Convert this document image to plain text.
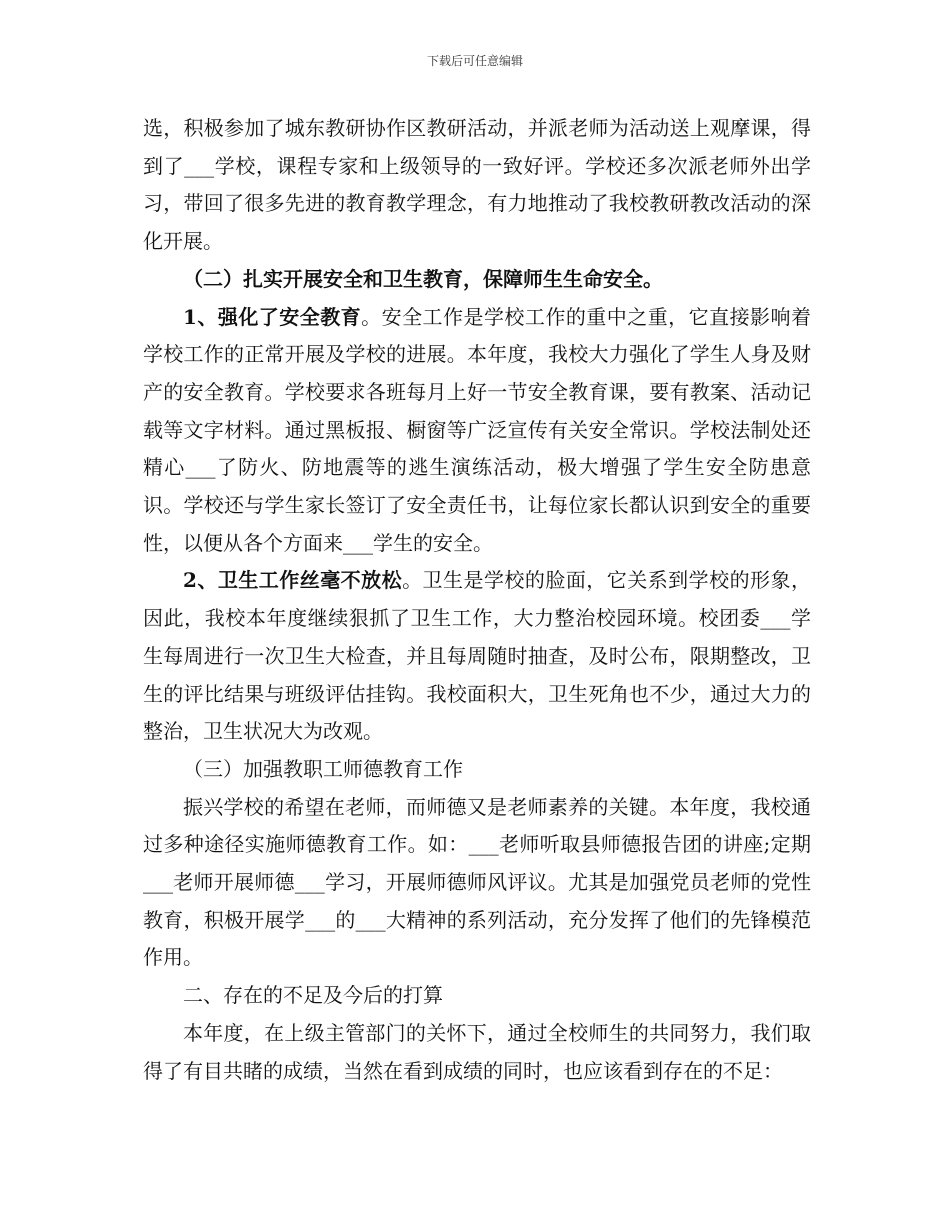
下载后可任意编辑

选，积极参加了城东教研协作区教研活动，并派老师为活动送上观摩课，得到了___学校，课程专家和上级领导的一致好评。学校还多次派老师外出学习，带回了很多先进的教育教学理念，有力地推动了我校教研教改活动的深化开展。

（二）扎实开展安全和卫生教育，保障师生生命安全。

1、强化了安全教育。安全工作是学校工作的重中之重，它直接影响着学校工作的正常开展及学校的进展。本年度，我校大力强化了学生人身及财产的安全教育。学校要求各班每月上好一节安全教育课，要有教案、活动记载等文字材料。通过黑板报、橱窗等广泛宣传有关安全常识。学校法制处还精心___了防火、防地震等的逃生演练活动，极大增强了学生安全防患意识。学校还与学生家长签订了安全责任书，让每位家长都认识到安全的重要性，以便从各个方面来___学生的安全。

2、卫生工作丝毫不放松。卫生是学校的脸面，它关系到学校的形象，因此，我校本年度继续狠抓了卫生工作，大力整治校园环境。校团委___学生每周进行一次卫生大检查，并且每周随时抽查，及时公布，限期整改，卫生的评比结果与班级评估挂钩。我校面积大，卫生死角也不少，通过大力的整治，卫生状况大为改观。

（三）加强教职工师德教育工作

振兴学校的希望在老师，而师德又是老师素养的关键。本年度，我校通过多种途径实施师德教育工作。如：___老师听取县师德报告团的讲座;定期___老师开展师德___学习，开展师德师风评议。尤其是加强党员老师的党性教育，积极开展学___的___大精神的系列活动，充分发挥了他们的先锋模范作用。

二、存在的不足及今后的打算

本年度，在上级主管部门的关怀下，通过全校师生的共同努力，我们取得了有目共睹的成绩，当然在看到成绩的同时，也应该看到存在的不足：
